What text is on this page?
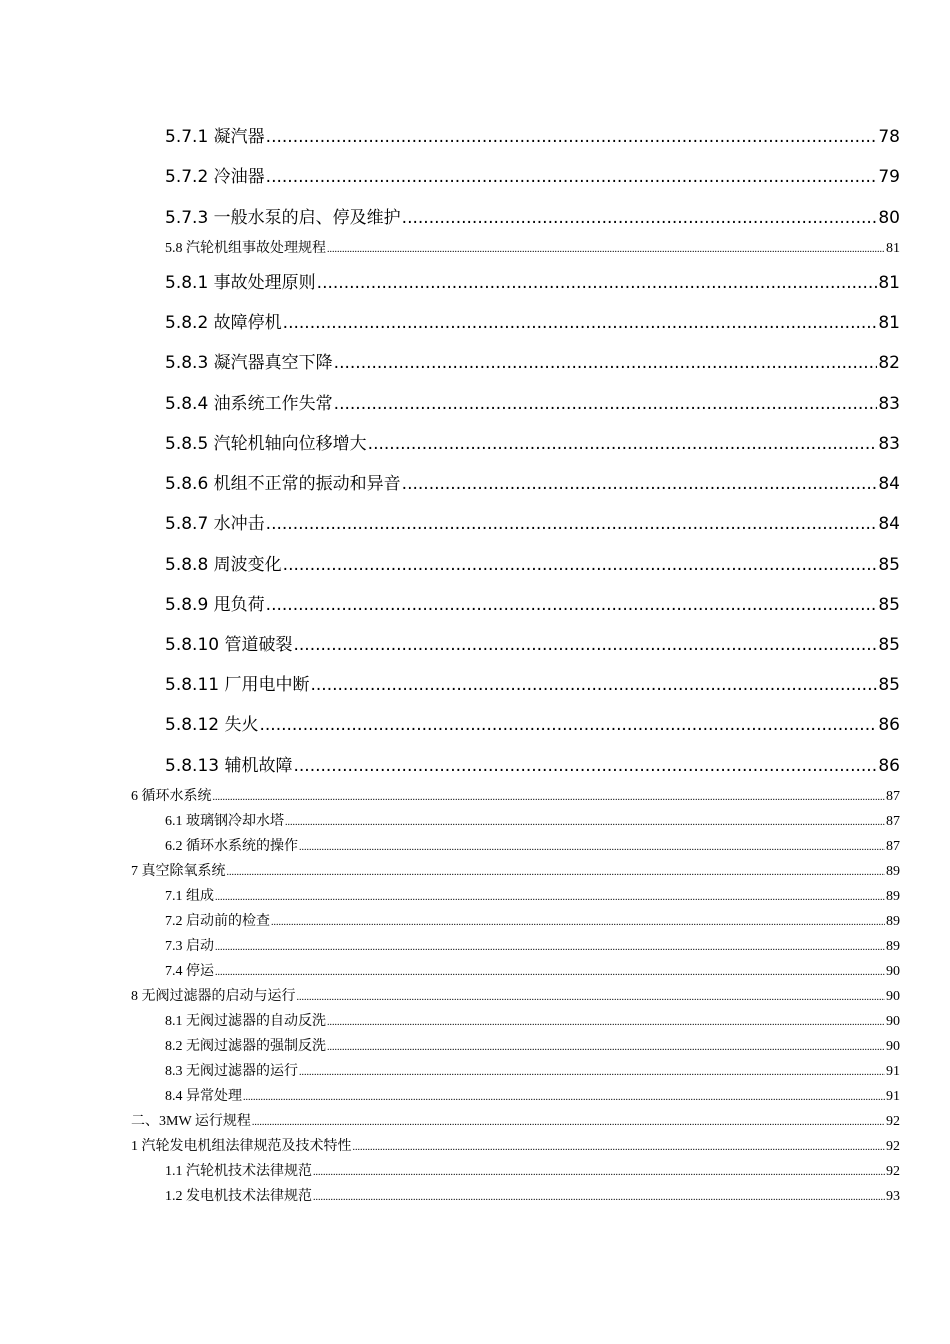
5.7.1 凝汽器 .....	78
5.7.2 冷油器 .....	79
5.7.3 一般水泵的启、停及维护 .....	80
5.8 汽轮机组事故处理规程 .....	81
5.8.1 事故处理原则 .....	81
5.8.2 故障停机 .....	81
5.8.3 凝汽器真空下降 .....	82
5.8.4 油系统工作失常 .....	83
5.8.5 汽轮机轴向位移增大 .....	83
5.8.6 机组不正常的振动和异音 .....	84
5.8.7 水冲击 .....	84
5.8.8 周波变化 .....	85
5.8.9 甩负荷 .....	85
5.8.10 管道破裂 .....	85
5.8.11 厂用电中断 .....	85
5.8.12 失火 .....	86
5.8.13 辅机故障 .....	86
6 循环水系统 .....	87
6.1 玻璃钢冷却水塔 .....	87
6.2 循环水系统的操作 .....	87
7 真空除氧系统 .....	89
7.1 组成 .....	89
7.2 启动前的检查 .....	89
7.3 启动 .....	89
7.4 停运 .....	90
8 无阀过滤器的启动与运行 .....	90
8.1 无阀过滤器的自动反洗 .....	90
8.2 无阀过滤器的强制反洗 .....	90
8.3 无阀过滤器的运行 .....	91
8.4 异常处理 .....	91
二、3MW 运行规程 .....	92
1 汽轮发电机组法律规范及技术特性 .....	92
1.1 汽轮机技术法律规范 .....	92
1.2 发电机技术法律规范 .....	93
